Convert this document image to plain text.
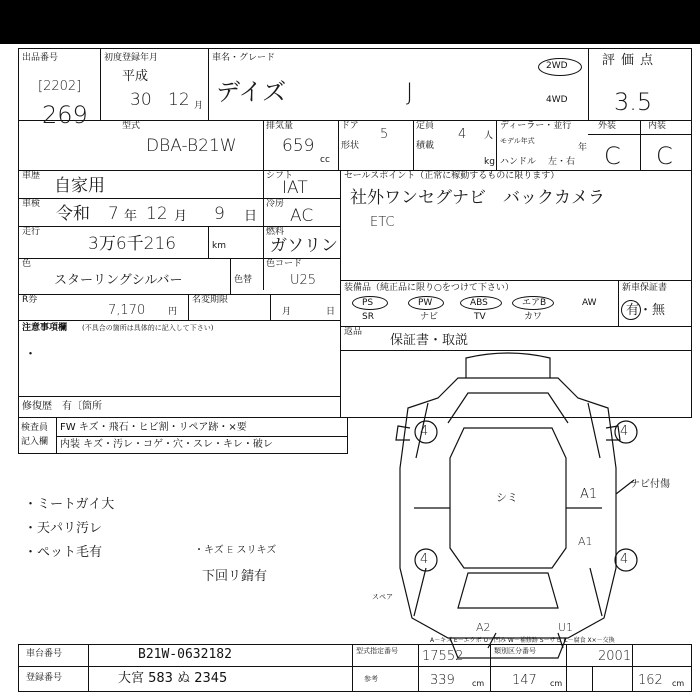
出品番号
[2202]
269
初度登録年月
平成
30 12 月
車名・グレード
デイズ	J
2WD
4WD
評価点
3.5
型式
DBA-B21W
排気量
659
cc
ドア
5
形状
定員
4 人
積載
kg
ディーラー・並行
モデル年式
年
ハンドル 左・右
外装	内装
C C
車歴 自家用	シフト
IAT
車検 令和 7 年 12 月 9 日
冷房
AC
走行
3万6千216	km
燃料
ガソリン
色
スターリングシルバー	色替
色コード
U25
R券
7,170	円
名変期限
月	日
注意事項欄 (不具合の箇所は具体的に記入して下さい)
・
修復歴 有〔箇所
セールスポイント（正常に稼動するものに限ります）
社外ワンセグナビ　バックカメラ
ETC
装備品（純正品に限り○をつけて下さい）	新車保証書
有・無
PS	PW	ABS	エアB	AW
SR	ナビ	TV	カワ
返品
保証書・取説
検査員
記入欄
FW キズ・飛石・ヒビ割・リペア跡・×要
内装 キズ・汚レ・コゲ・穴・スレ・キレ・破レ
・ミートガイ大
・天パリ汚レ
・ペット毛有	・キズ E スリキズ
下回リ錆有
4	4
4	4
シミ	A1
A1
A2	U1
ナビ付傷
スペア
A－キズ E－エクボ U－凹み W－補修跡 S－サビ C－腐食 X×－交換
車台番号	B21W-0632182
登録番号	大宮 583 ぬ 2345
型式指定番号 17552	類別区分番号	2001
参考	339 cm 147 cm	162 cm
